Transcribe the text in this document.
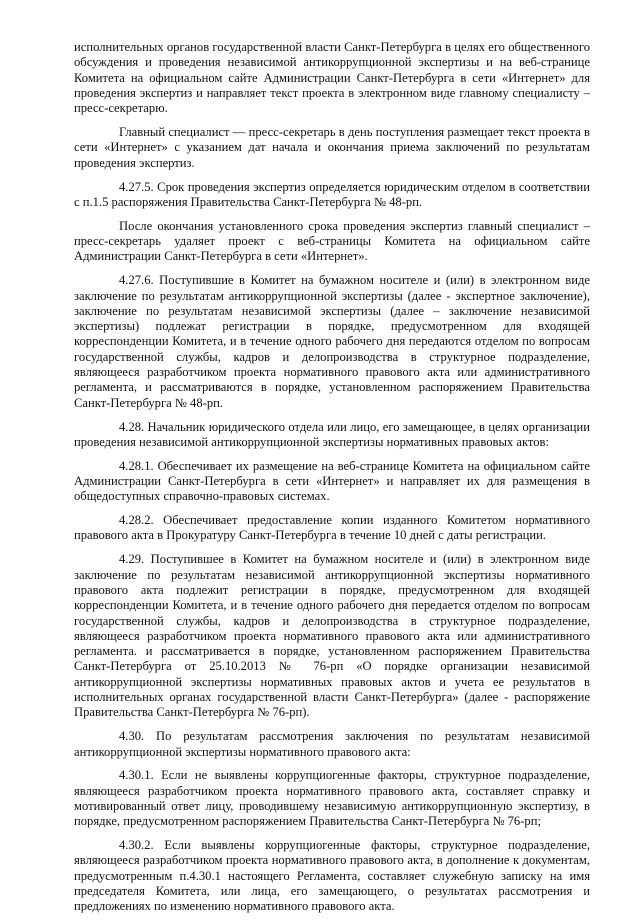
исполнительных органов государственной власти Санкт-Петербурга в целях его общественного обсуждения и проведения независимой антикоррупционной экспертизы и на веб-странице Комитета на официальном сайте Администрации Санкт-Петербурга в сети «Интернет» для проведения экспертиз и направляет текст проекта в электронном виде главному специалисту – пресс-секретарю.

Главный специалист — пресс-секретарь в день поступления размещает текст проекта в сети «Интернет» с указанием дат начала и окончания приема заключений по результатам проведения экспертиз.

4.27.5. Срок проведения экспертиз определяется юридическим отделом в соответствии с п.1.5 распоряжения Правительства Санкт-Петербурга № 48-рп.

После окончания установленного срока проведения экспертиз главный специалист – пресс-секретарь удаляет проект с веб-страницы Комитета на официальном сайте Администрации Санкт-Петербурга в сети «Интернет».

4.27.6. Поступившие в Комитет на бумажном носителе и (или) в электронном виде заключение по результатам антикоррупционной экспертизы (далее - экспертное заключение), заключение по результатам независимой экспертизы (далее – заключение независимой экспертизы) подлежат регистрации в порядке, предусмотренном для входящей корреспонденции Комитета, и в течение одного рабочего дня передаются отделом по вопросам государственной службы, кадров и делопроизводства в структурное подразделение, являющееся разработчиком проекта нормативного правового акта или административного регламента, и рассматриваются в порядке, установленном распоряжением Правительства Санкт-Петербурга № 48-рп.

4.28. Начальник юридического отдела или лицо, его замещающее, в целях организации проведения независимой антикоррупционной экспертизы нормативных правовых актов:

4.28.1. Обеспечивает их размещение на веб-странице Комитета на официальном сайте Администрации Санкт-Петербурга в сети «Интернет» и направляет их для размещения в общедоступных справочно-правовых системах.

4.28.2. Обеспечивает предоставление копии изданного Комитетом нормативного правового акта в Прокуратуру Санкт-Петербурга в течение 10 дней с даты регистрации.

4.29. Поступившее в Комитет на бумажном носителе и (или) в электронном виде заключение по результатам независимой антикоррупционной экспертизы нормативного правового акта подлежит регистрации в порядке, предусмотренном для входящей корреспонденции Комитета, и в течение одного рабочего дня передается отделом по вопросам государственной службы, кадров и делопроизводства в структурное подразделение, являющееся разработчиком проекта нормативного правового акта или административного регламента. и рассматривается в порядке, установленном распоряжением Правительства Санкт-Петербурга от 25.10.2013 № 76-рп «О порядке организации независимой антикоррупционной экспертизы нормативных правовых актов и учета ее результатов в исполнительных органах государственной власти Санкт-Петербурга» (далее - распоряжение Правительства Санкт-Петербурга № 76-рп).

4.30. По результатам рассмотрения заключения по результатам независимой антикоррупционной экспертизы нормативного правового акта:

4.30.1. Если не выявлены коррупциогенные факторы, структурное подразделение, являющееся разработчиком проекта нормативного правового акта, составляет справку и мотивированный ответ лицу, проводившему независимую антикоррупционную экспертизу, в порядке, предусмотренном распоряжением Правительства Санкт-Петербурга № 76-рп;

4.30.2. Если выявлены коррупциогенные факторы, структурное подразделение, являющееся разработчиком проекта нормативного правового акта, в дополнение к документам, предусмотренным п.4.30.1 настоящего Регламента, составляет служебную записку на имя председателя Комитета, или лица, его замещающего, о результатах рассмотрения и предложениях по изменению нормативного правового акта.
